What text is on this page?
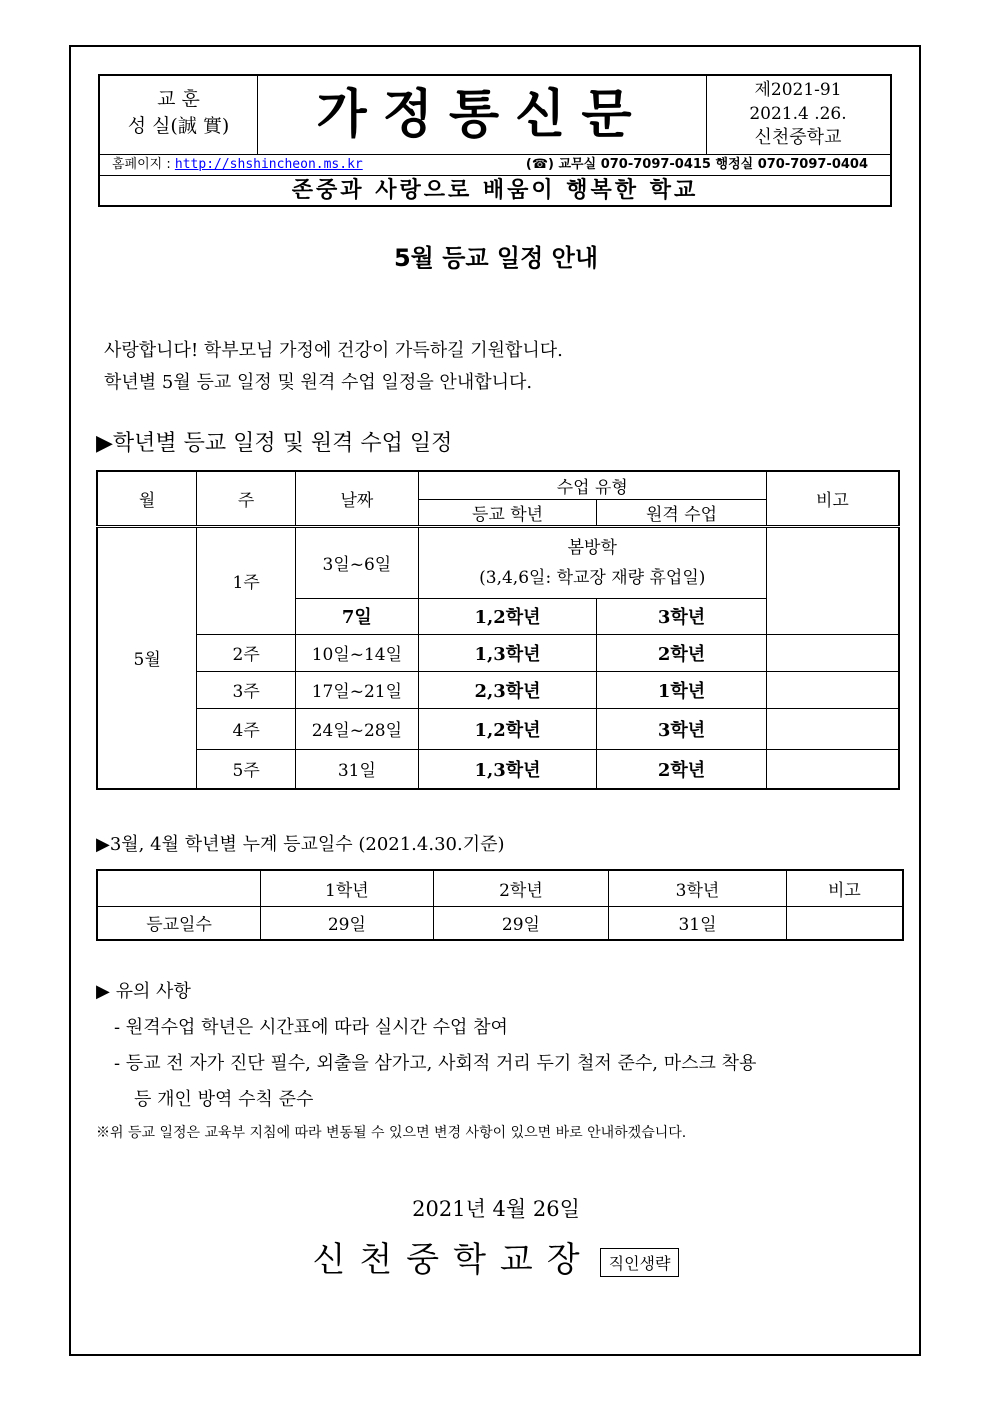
교 훈
성 실(誠 實)	가정통신문	제2021-91
2021.4 .26.
신천중학교
홈페이지 : http://shshincheon.ms.kr	(☎) 교무실 070-7097-0415 행정실 070-7097-0404
존중과 사랑으로 배움이 행복한 학교
5월 등교 일정 안내
사랑합니다! 학부모님 가정에 건강이 가득하길 기원합니다.
학년별 5월 등교 일정 및 원격 수업 일정을 안내합니다.
▶학년별 등교 일정 및 원격 수업 일정
월	주	날짜	수업 유형		비고
			등교 학년	원격 수업	
5월	1주	3일~6일	봄방학
(3,4,6일: 학교장 재량 휴업일)		

		7일	1,2학년	3학년	
	2주	10일~14일	1,3학년	2학년	
	3주	17일~21일	2,3학년	1학년	
	4주	24일~28일	1,2학년	3학년	
	5주	31일	1,3학년	2학년	
▶3월, 4월 학년별 누계 등교일수 (2021.4.30.기준)
	1학년	2학년	3학년	비고
등교일수	29일	29일	31일	
▶ 유의 사항
- 원격수업 학년은 시간표에 따라 실시간 수업 참여
- 등교 전 자가 진단 필수, 외출을 삼가고, 사회적 거리 두기 철저 준수, 마스크 착용
등 개인 방역 수칙 준수
※위 등교 일정은 교육부 지침에 따라 변동될 수 있으면 변경 사항이 있으면 바로 안내하겠습니다.
2021년 4월 26일
신천중학교장 직인생략
